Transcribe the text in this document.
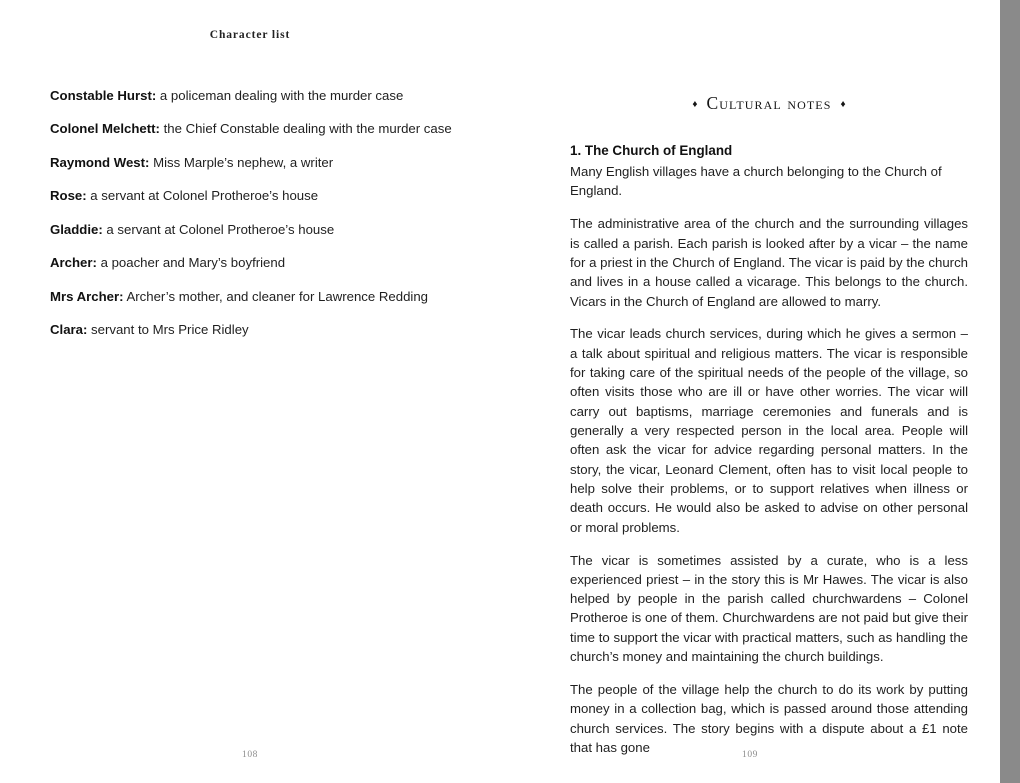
Character list
Constable Hurst: a policeman dealing with the murder case
Colonel Melchett: the Chief Constable dealing with the murder case
Raymond West: Miss Marple’s nephew, a writer
Rose: a servant at Colonel Protheroe’s house
Gladdie: a servant at Colonel Protheroe’s house
Archer: a poacher and Mary’s boyfriend
Mrs Archer: Archer’s mother, and cleaner for Lawrence Redding
Clara: servant to Mrs Price Ridley
108	109
♦ Cultural notes ♦

1. The Church of England

Many English villages have a church belonging to the Church of England.

The administrative area of the church and the surrounding villages is called a parish. Each parish is looked after by a vicar – the name for a priest in the Church of England. The vicar is paid by the church and lives in a house called a vicarage. This belongs to the church. Vicars in the Church of England are allowed to marry.

The vicar leads church services, during which he gives a sermon – a talk about spiritual and religious matters. The vicar is responsible for taking care of the spiritual needs of the people of the village, so often visits those who are ill or have other worries. The vicar will carry out baptisms, marriage ceremonies and funerals and is generally a very respected person in the local area. People will often ask the vicar for advice regarding personal matters. In the story, the vicar, Leonard Clement, often has to visit local people to help solve their problems, or to support relatives when illness or death occurs. He would also be asked to advise on other personal or moral problems.

The vicar is sometimes assisted by a curate, who is a less experienced priest – in the story this is Mr Hawes. The vicar is also helped by people in the parish called churchwardens – Colonel Protheroe is one of them. Churchwardens are not paid but give their time to support the vicar with practical matters, such as handling the church’s money and maintaining the church buildings.

The people of the village help the church to do its work by putting money in a collection bag, which is passed around those attending church services. The story begins with a dispute about a £1 note that has gone
